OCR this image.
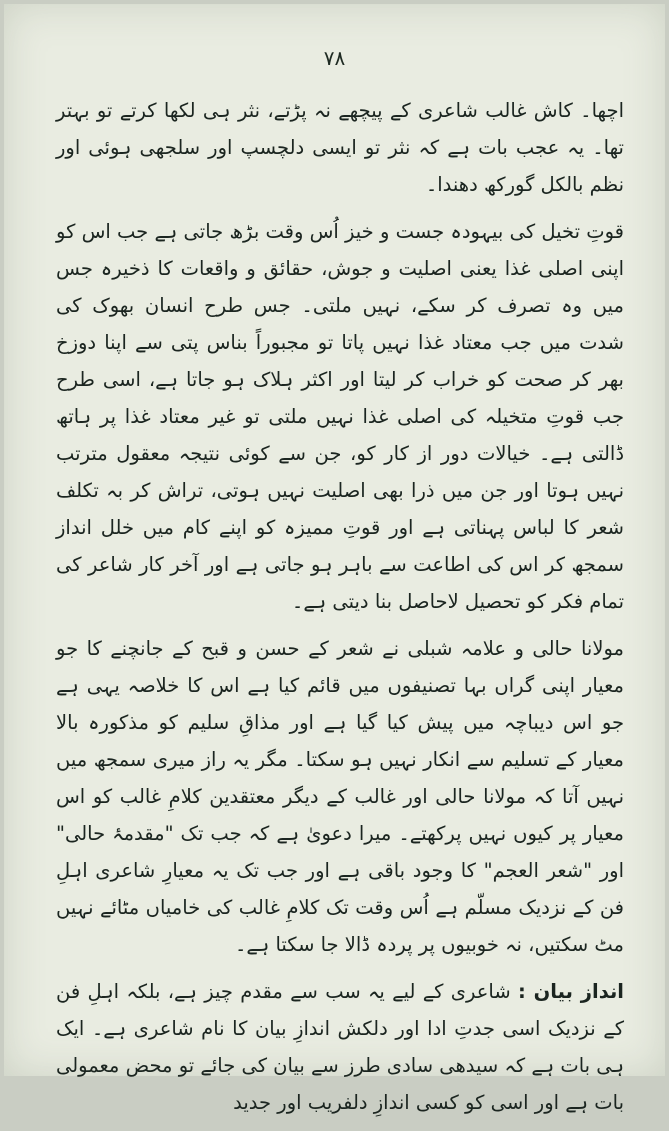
۷۸

اچھا۔ کاش غالب شاعری کے پیچھے نہ پڑتے، نثر ہی لکھا کرتے تو بہتر تھا۔ یہ عجب بات ہے کہ نثر تو ایسی دلچسپ اور سلجھی ہوئی اور نظم بالکل گورکھ دھندا۔

قوتِ تخیل کی بیہودہ جست و خیز اُس وقت بڑھ جاتی ہے جب اس کو اپنی اصلی غذا یعنی اصلیت و جوش، حقائق و واقعات کا ذخیرہ جس میں وہ تصرف کر سکے، نہیں ملتی۔ جس طرح انسان بھوک کی شدت میں جب معتاد غذا نہیں پاتا تو مجبوراً بناس پتی سے اپنا دوزخ بھر کر صحت کو خراب کر لیتا اور اکثر ہلاک ہو جاتا ہے، اسی طرح جب قوتِ متخیلہ کی اصلی غذا نہیں ملتی تو غیر معتاد غذا پر ہاتھ ڈالتی ہے۔ خیالات دور از کار کو، جن سے کوئی نتیجہ معقول مترتب نہیں ہوتا اور جن میں ذرا بھی اصلیت نہیں ہوتی، تراش کر بہ تکلف شعر کا لباس پہناتی ہے اور قوتِ ممیزہ کو اپنے کام میں خلل انداز سمجھ کر اس کی اطاعت سے باہر ہو جاتی ہے اور آخر کار شاعر کی تمام فکر کو تحصیل لاحاصل بنا دیتی ہے۔

مولانا حالی و علامہ شبلی نے شعر کے حسن و قبح کے جانچنے کا جو معیار اپنی گراں بہا تصنیفوں میں قائم کیا ہے اس کا خلاصہ یہی ہے جو اس دیباچہ میں پیش کیا گیا ہے اور مذاقِ سلیم کو مذکورہ بالا معیار کے تسلیم سے انکار نہیں ہو سکتا۔ مگر یہ راز میری سمجھ میں نہیں آتا کہ مولانا حالی اور غالب کے دیگر معتقدین کلامِ غالب کو اس معیار پر کیوں نہیں پرکھتے۔ میرا دعویٰ ہے کہ جب تک "مقدمۂ حالی" اور "شعر العجم" کا وجود باقی ہے اور جب تک یہ معیارِ شاعری اہلِ فن کے نزدیک مسلّم ہے اُس وقت تک کلامِ غالب کی خامیاں مٹائے نہیں مٹ سکتیں، نہ خوبیوں پر پردہ ڈالا جا سکتا ہے۔

انداز بیان : شاعری کے لیے یہ سب سے مقدم چیز ہے، بلکہ اہلِ فن کے نزدیک اسی جدتِ ادا اور دلکش اندازِ بیان کا نام شاعری ہے۔ ایک ہی بات ہے کہ سیدھی سادی طرز سے بیان کی جائے تو محض معمولی بات ہے اور اسی کو کسی اندازِ دلفریب اور جدید
